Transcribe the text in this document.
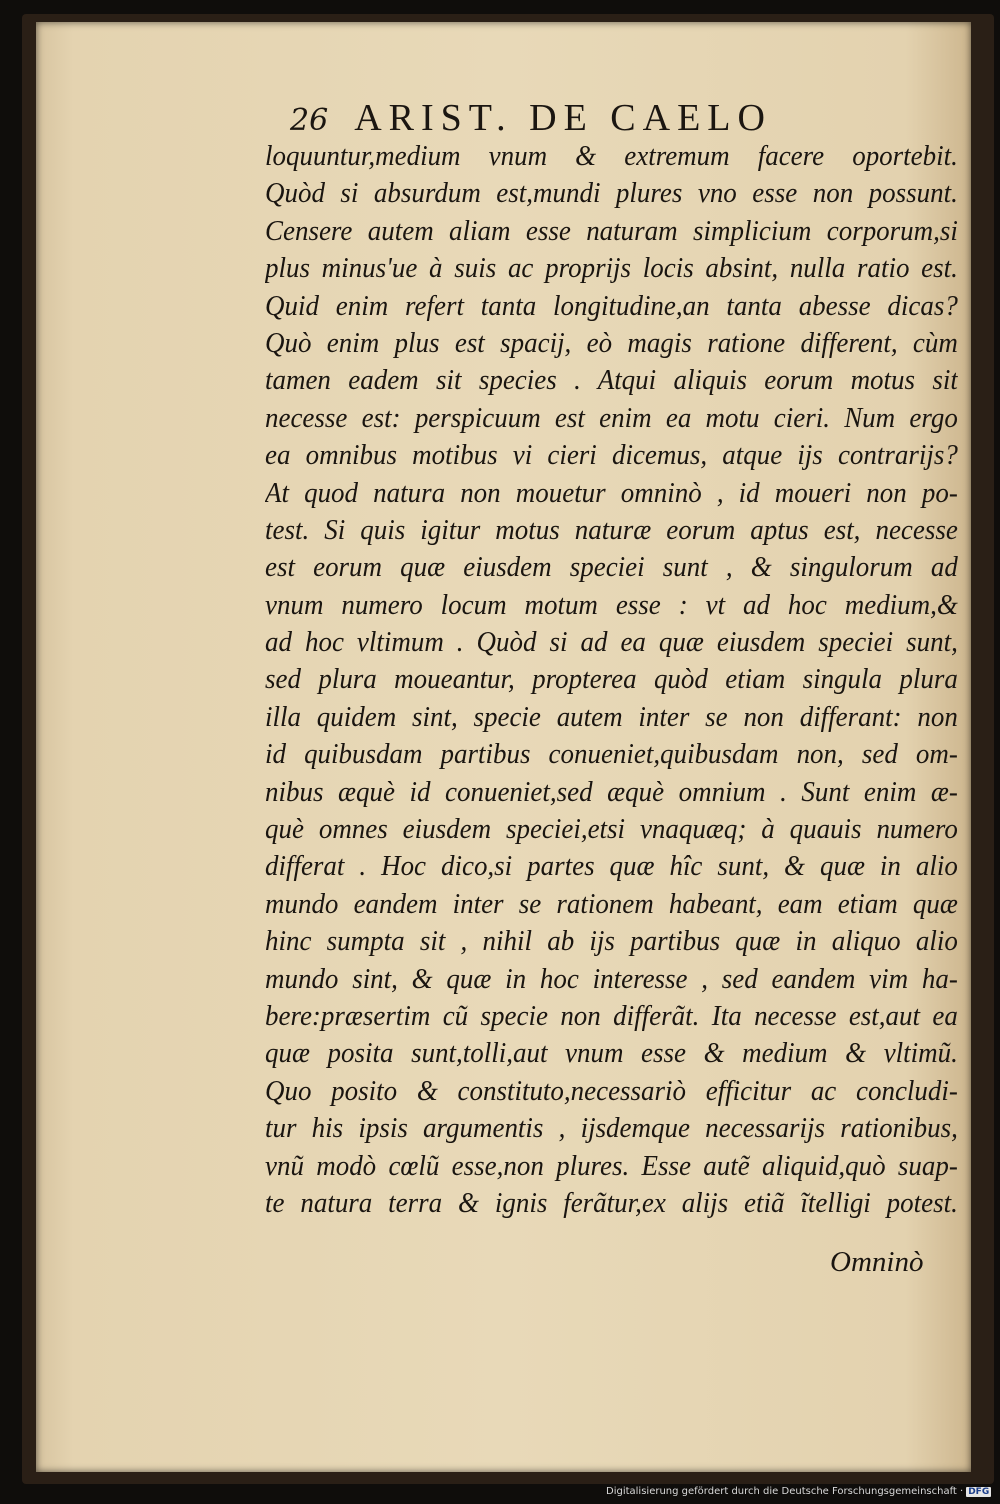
26 ARIST. DE CAELO
loquuntur,medium vnum & extremum facere oportebit.
Quòd si absurdum est,mundi plures vno esse non possunt.
Censere autem aliam esse naturam simplicium corporum,si
plus minus'ue à suis ac proprijs locis absint, nulla ratio est.
Quid enim refert tanta longitudine,an tanta abesse dicas?
Quò enim plus est spacij, eò magis ratione different, cùm
tamen eadem sit species . Atqui aliquis eorum motus sit
necesse est: perspicuum est enim ea motu cieri. Num ergo
ea omnibus motibus vi cieri dicemus, atque ijs contrarijs?
At quod natura non mouetur omninò , id moueri non po-
test. Si quis igitur motus naturæ eorum aptus est, necesse
est eorum quæ eiusdem speciei sunt , & singulorum ad
vnum numero locum motum esse : vt ad hoc medium,&
ad hoc vltimum . Quòd si ad ea quæ eiusdem speciei sunt,
sed plura moueantur, propterea quòd etiam singula plura
illa quidem sint, specie autem inter se non differant: non
id quibusdam partibus conueniet,quibusdam non, sed om-
nibus æquè id conueniet,sed æquè omnium . Sunt enim æ-
què omnes eiusdem speciei,etsi vnaquæq; à quauis numero
differat . Hoc dico,si partes quæ hîc sunt, & quæ in alio
mundo eandem inter se rationem habeant, eam etiam quæ
hinc sumpta sit , nihil ab ijs partibus quæ in aliquo alio
mundo sint, & quæ in hoc interesse , sed eandem vim ha-
bere:præsertim cũ specie non differãt. Ita necesse est,aut ea
quæ posita sunt,tolli,aut vnum esse & medium & vltimũ.
Quo posito & constituto,necessariò efficitur ac concludi-
tur his ipsis argumentis , ijsdemque necessarijs rationibus,
vnũ modò cœlũ esse,non plures. Esse autẽ aliquid,quò suap-
te natura terra & ignis ferãtur,ex alijs etiã ĩtelligi potest.
Omninò
Digitalisierung gefördert durch die Deutsche Forschungsgemeinschaft · DFG
